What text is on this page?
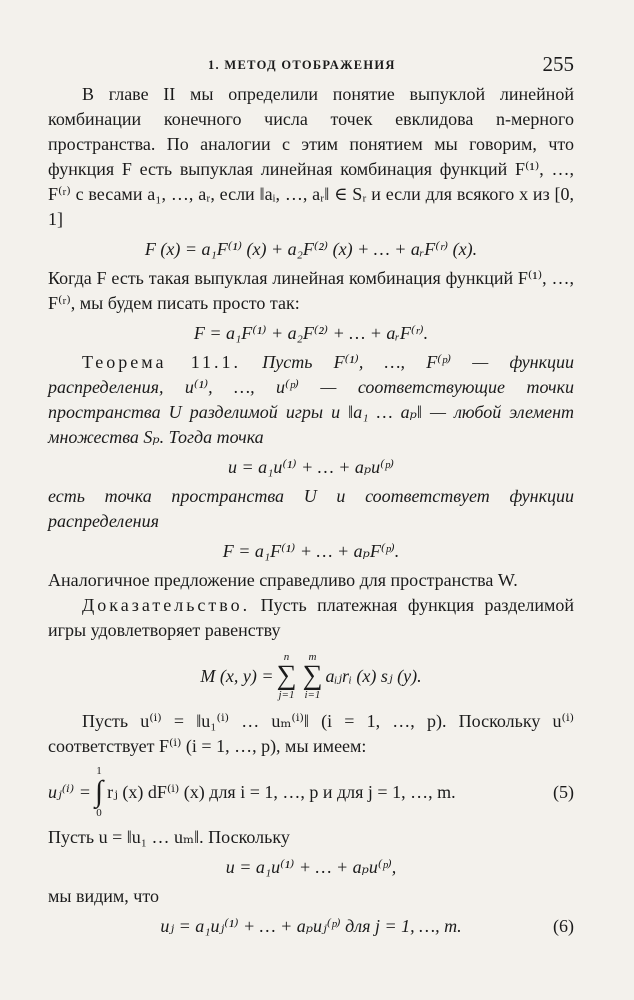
1. МЕТОД ОТОБРАЖЕНИЯ	255

В главе II мы определили понятие выпуклой линейной комбинации конечного числа точек евклидова n-мерного пространства. По аналогии с этим понятием мы говорим, что функция F есть выпуклая линейная комбинация функций F⁽¹⁾, …, F⁽ʳ⁾ с весами a₁, …, aᵣ, если ‖aᵢ, …, aᵣ‖ ∈ Sᵣ и если для всякого x из [0, 1]

F (x) = a₁F⁽¹⁾ (x) + a₂F⁽²⁾ (x) + … + aᵣF⁽ʳ⁾ (x).

Когда F есть такая выпуклая линейная комбинация функций F⁽¹⁾, …, F⁽ʳ⁾, мы будем писать просто так:

F = a₁F⁽¹⁾ + a₂F⁽²⁾ + … + aᵣF⁽ʳ⁾.

Теорема 11.1. Пусть F⁽¹⁾, …, F⁽ᵖ⁾ — функции распределения, u⁽¹⁾, …, u⁽ᵖ⁾ — соответствующие точки пространства U разделимой игры и ‖a₁ … aₚ‖ — любой элемент множества Sₚ. Тогда точка

u = a₁u⁽¹⁾ + … + aₚu⁽ᵖ⁾

есть точка пространства U и соответствует функции распределения

F = a₁F⁽¹⁾ + … + aₚF⁽ᵖ⁾.

Аналогичное предложение справедливо для пространства W.

Доказательство. Пусть платежная функция разделимой игры удовлетворяет равенству

M (x, y) =
n
∑
j=1
m
∑
i=1
aᵢⱼrᵢ (x) sⱼ (y).

Пусть u⁽ⁱ⁾ = ‖u₁⁽ⁱ⁾ … uₘ⁽ⁱ⁾‖ (i = 1, …, p). Поскольку u⁽ⁱ⁾ соответствует F⁽ⁱ⁾ (i = 1, …, p), мы имеем:

uⱼ⁽ⁱ⁾ =
1
∫
0
rⱼ (x) dF⁽ⁱ⁾ (x) для i = 1, …, p и для j = 1, …, m.	(5)

Пусть u = ‖u₁ … uₘ‖. Поскольку

u = a₁u⁽¹⁾ + … + aₚu⁽ᵖ⁾,

мы видим, что

uⱼ = a₁uⱼ⁽¹⁾ + … + aₚuⱼ⁽ᵖ⁾ для j = 1, …, m.	(6)
